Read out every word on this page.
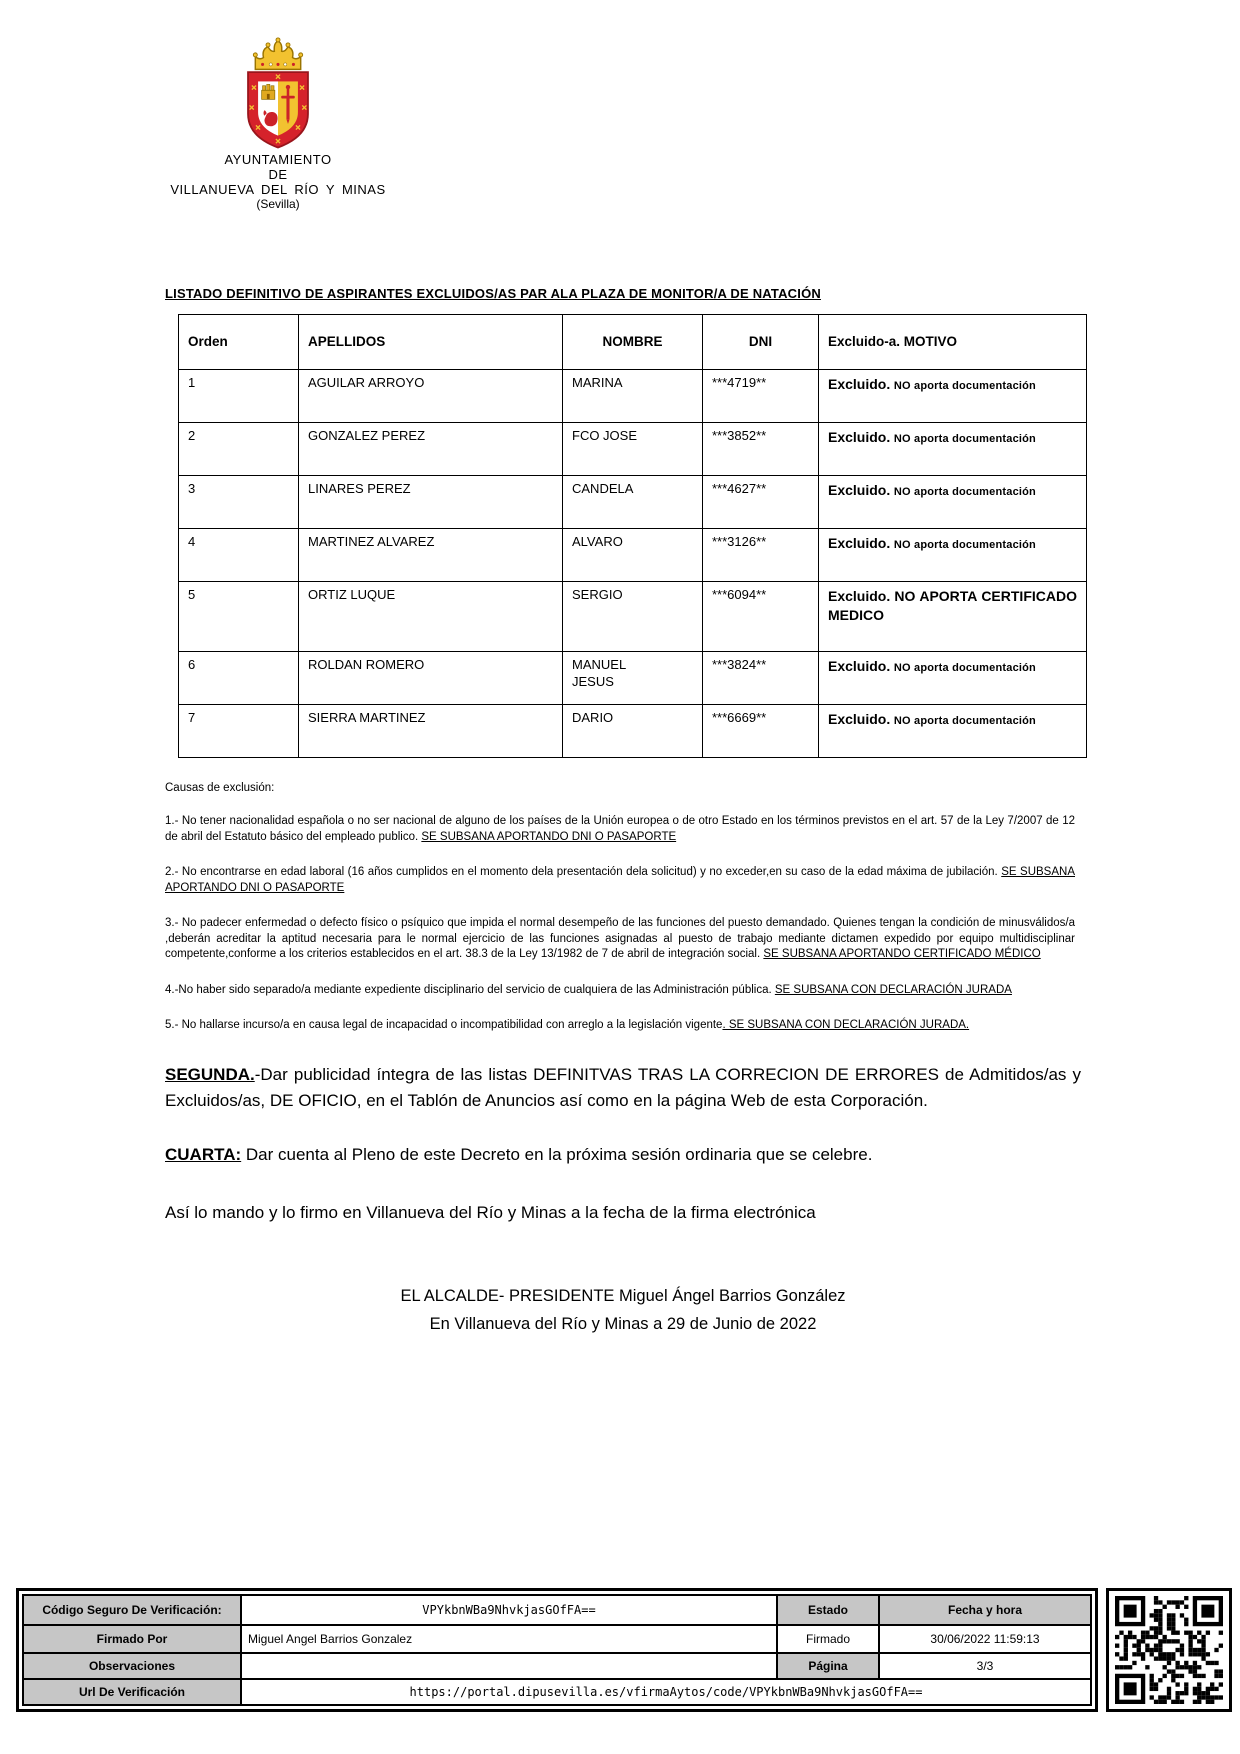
AYUNTAMIENTO
DE
VILLANUEVA DEL RÍO Y MINAS
(Sevilla)
LISTADO DEFINITIVO DE ASPIRANTES EXCLUIDOS/AS PAR ALA PLAZA DE MONITOR/A DE NATACIÓN
Orden	APELLIDOS	NOMBRE	DNI	Excluido-a. MOTIVO
1	AGUILAR ARROYO	MARINA	***4719**	Excluido. NO aporta documentación
2	GONZALEZ PEREZ	FCO JOSE	***3852**	Excluido. NO aporta documentación
3	LINARES PEREZ	CANDELA	***4627**	Excluido. NO aporta documentación
4	MARTINEZ ALVAREZ	ALVARO	***3126**	Excluido. NO aporta documentación
5	ORTIZ LUQUE	SERGIO	***6094**	Excluido. NO APORTA CERTIFICADO MEDICO
6	ROLDAN ROMERO	MANUEL JESUS	***3824**	Excluido. NO aporta documentación
7	SIERRA MARTINEZ	DARIO	***6669**	Excluido. NO aporta documentación
Causas de exclusión:

1.- No tener nacionalidad española o no ser nacional de alguno de los países de la Unión europea o de otro Estado en los términos previstos en el art. 57 de la Ley 7/2007 de 12 de abril del Estatuto básico del empleado publico. SE SUBSANA APORTANDO DNI O PASAPORTE

2.- No encontrarse en edad laboral (16 años cumplidos en el momento dela presentación dela solicitud) y no exceder,en su caso de la edad máxima de jubilación. SE SUBSANA APORTANDO DNI O PASAPORTE

3.- No padecer enfermedad o defecto físico o psíquico que impida el normal desempeño de las funciones del puesto demandado. Quienes tengan la condición de minusválidos/a ,deberán acreditar la aptitud necesaria para le normal ejercicio de las funciones asignadas al puesto de trabajo mediante dictamen expedido por equipo multidisciplinar competente,conforme a los criterios establecidos en el art. 38.3 de la Ley 13/1982 de 7 de abril de integración social. SE SUBSANA APORTANDO CERTIFICADO MÉDICO

4.-No haber sido separado/a mediante expediente disciplinario del servicio de cualquiera de las Administración pública. SE SUBSANA CON DECLARACIÓN JURADA

5.- No hallarse incurso/a en causa legal de incapacidad o incompatibilidad con arreglo a la legislación vigente. SE SUBSANA CON DECLARACIÓN JURADA.

SEGUNDA.-Dar publicidad íntegra de las listas DEFINITVAS TRAS LA CORRECION DE ERRORES de Admitidos/as y Excluidos/as, DE OFICIO, en el Tablón de Anuncios así como en la página Web de esta Corporación.

CUARTA: Dar cuenta al Pleno de este Decreto en la próxima sesión ordinaria que se celebre.

Así lo mando y lo firmo en Villanueva del Río y Minas a la fecha de la firma electrónica

EL ALCALDE- PRESIDENTE Miguel Ángel Barrios González
En Villanueva del Río y Minas a 29 de Junio de 2022
Código Seguro De Verificación:	VPYkbnWBa9NhvkjasGOfFA==	Estado	Fecha y hora
Firmado Por	Miguel Angel Barrios Gonzalez	Firmado	30/06/2022 11:59:13
Observaciones		Página	3/3
Url De Verificación	https://portal.dipusevilla.es/vfirmaAytos/code/VPYkbnWBa9NhvkjasGOfFA==		
